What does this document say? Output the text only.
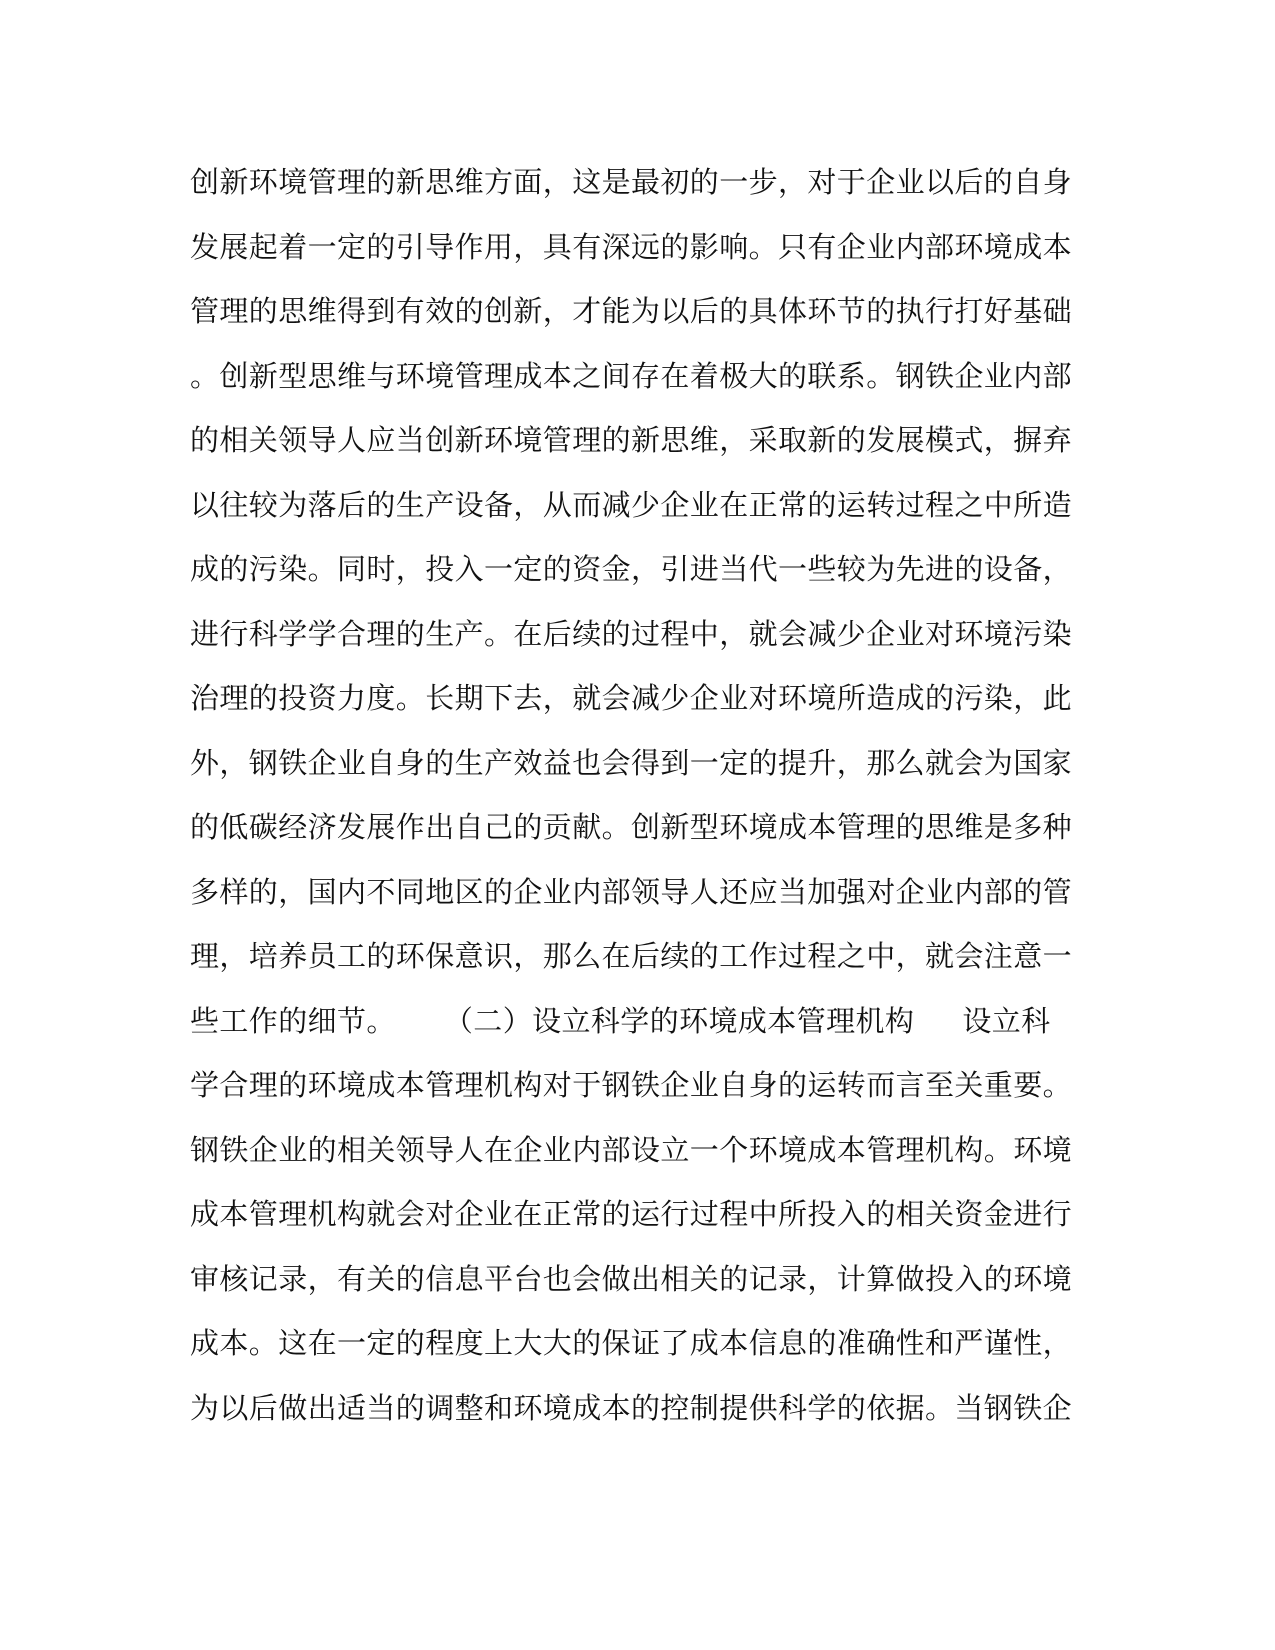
创新环境管理的新思维方面，这是最初的一步，对于企业以后的自身
发展起着一定的引导作用，具有深远的影响。只有企业内部环境成本
管理的思维得到有效的创新，才能为以后的具体环节的执行打好基础
。创新型思维与环境管理成本之间存在着极大的联系。钢铁企业内部
的相关领导人应当创新环境管理的新思维，采取新的发展模式，摒弃
以往较为落后的生产设备，从而减少企业在正常的运转过程之中所造
成的污染。同时，投入一定的资金，引进当代一些较为先进的设备，
进行科学学合理的生产。在后续的过程中，就会减少企业对环境污染
治理的投资力度。长期下去，就会减少企业对环境所造成的污染，此
外，钢铁企业自身的生产效益也会得到一定的提升，那么就会为国家
的低碳经济发展作出自己的贡献。创新型环境成本管理的思维是多种
多样的，国内不同地区的企业内部领导人还应当加强对企业内部的管
理，培养员工的环保意识，那么在后续的工作过程之中，就会注意一
些工作的细节。     （二）设立科学的环境成本管理机构     设立科
学合理的环境成本管理机构对于钢铁企业自身的运转而言至关重要。
钢铁企业的相关领导人在企业内部设立一个环境成本管理机构。环境
成本管理机构就会对企业在正常的运行过程中所投入的相关资金进行
审核记录，有关的信息平台也会做出相关的记录，计算做投入的环境
成本。这在一定的程度上大大的保证了成本信息的准确性和严谨性，
为以后做出适当的调整和环境成本的控制提供科学的依据。当钢铁企
